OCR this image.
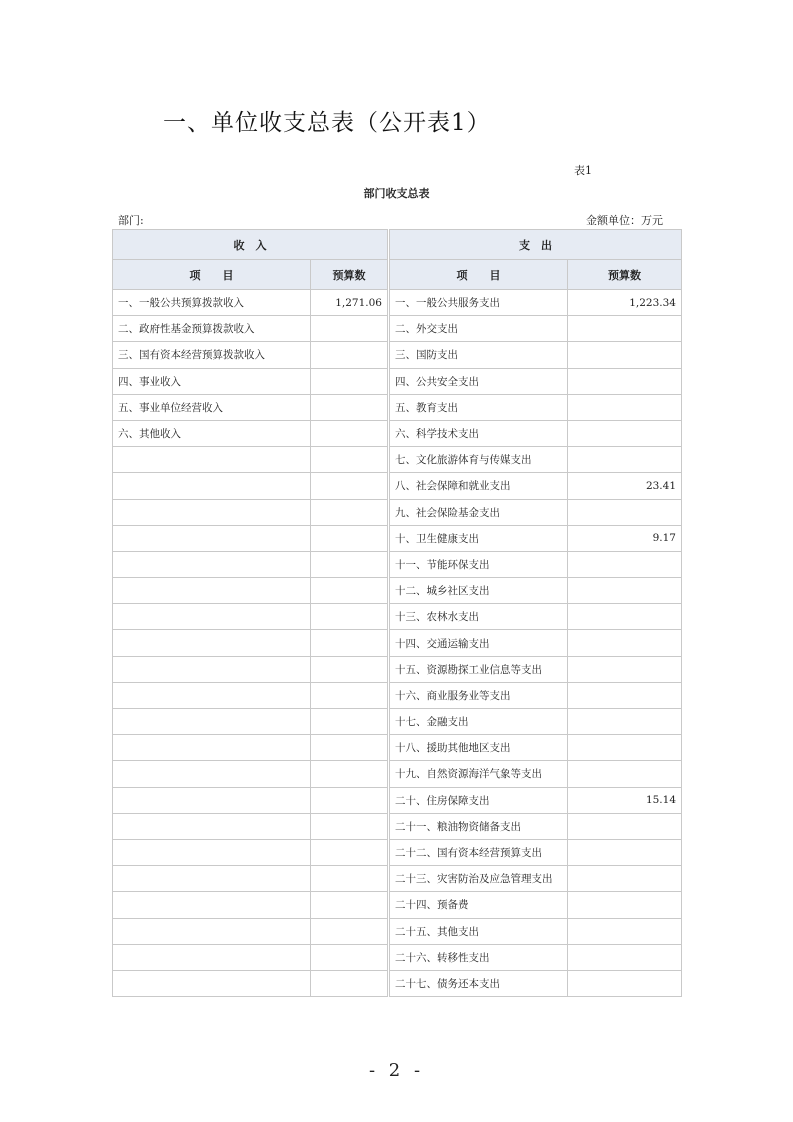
一、单位收支总表（公开表1）
表1
部门收支总表
部门:	金额单位：万元
收　入			支　出	
项　　目	预算数		项　　目	预算数
一、一般公共预算拨款收入	1,271.06		一、一般公共服务支出	1,223.34
二、政府性基金预算拨款收入			二、外交支出	
三、国有资本经营预算拨款收入			三、国防支出	
四、事业收入			四、公共安全支出	
五、事业单位经营收入			五、教育支出	
六、其他收入			六、科学技术支出	
			七、文化旅游体育与传媒支出	
			八、社会保障和就业支出	23.41
			九、社会保险基金支出	
			十、卫生健康支出	9.17
			十一、节能环保支出	
			十二、城乡社区支出	
			十三、农林水支出	
			十四、交通运输支出	
			十五、资源勘探工业信息等支出	
			十六、商业服务业等支出	
			十七、金融支出	
			十八、援助其他地区支出	
			十九、自然资源海洋气象等支出	
			二十、住房保障支出	15.14
			二十一、粮油物资储备支出	
			二十二、国有资本经营预算支出	
			二十三、灾害防治及应急管理支出	
			二十四、预备费	
			二十五、其他支出	
			二十六、转移性支出	
			二十七、债务还本支出	
- 2 -
